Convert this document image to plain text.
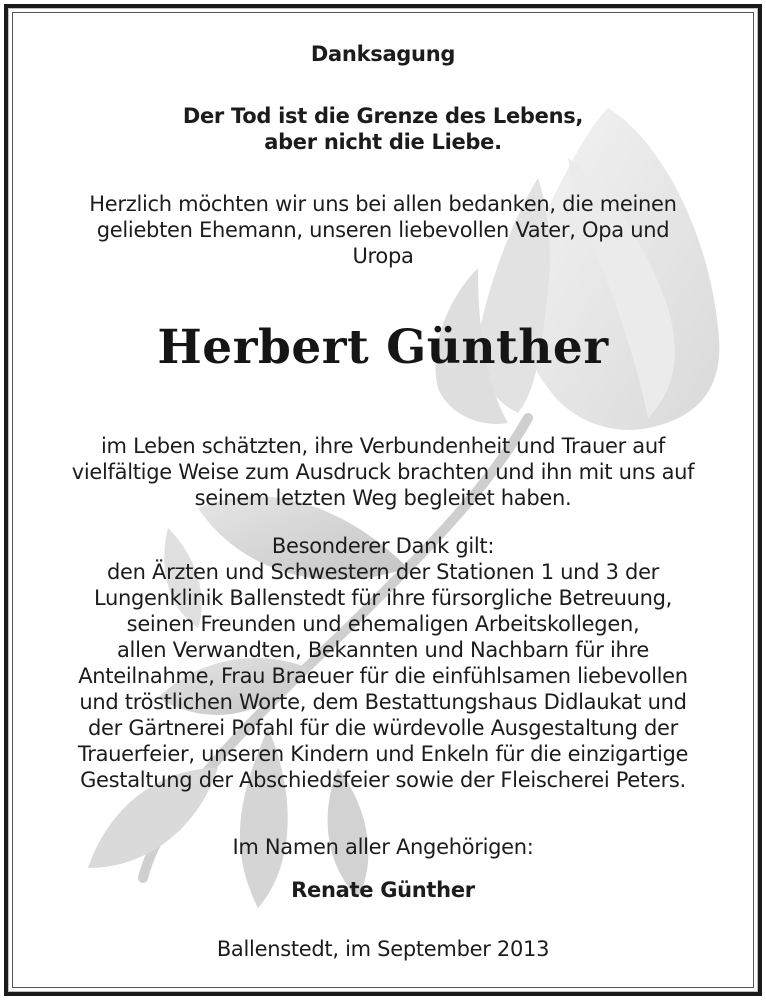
Danksagung
Der Tod ist die Grenze des Lebens,
aber nicht die Liebe.
Herzlich möchten wir uns bei allen bedanken, die meinen
geliebten Ehemann, unseren liebevollen Vater, Opa und
Uropa
Herbert Günther
im Leben schätzten, ihre Verbundenheit und Trauer auf
vielfältige Weise zum Ausdruck brachten und ihn mit uns auf
seinem letzten Weg begleitet haben.
Besonderer Dank gilt:
den Ärzten und Schwestern der Stationen 1 und 3 der
Lungenklinik Ballenstedt für ihre fürsorgliche Betreuung,
seinen Freunden und ehemaligen Arbeitskollegen,
allen Verwandten, Bekannten und Nachbarn für ihre
Anteilnahme, Frau Braeuer für die einfühlsamen liebevollen
und tröstlichen Worte, dem Bestattungshaus Didlaukat und
der Gärtnerei Pofahl für die würdevolle Ausgestaltung der
Trauerfeier, unseren Kindern und Enkeln für die einzigartige
Gestaltung der Abschiedsfeier sowie der Fleischerei Peters.
Im Namen aller Angehörigen:
Renate Günther
Ballenstedt, im September 2013
